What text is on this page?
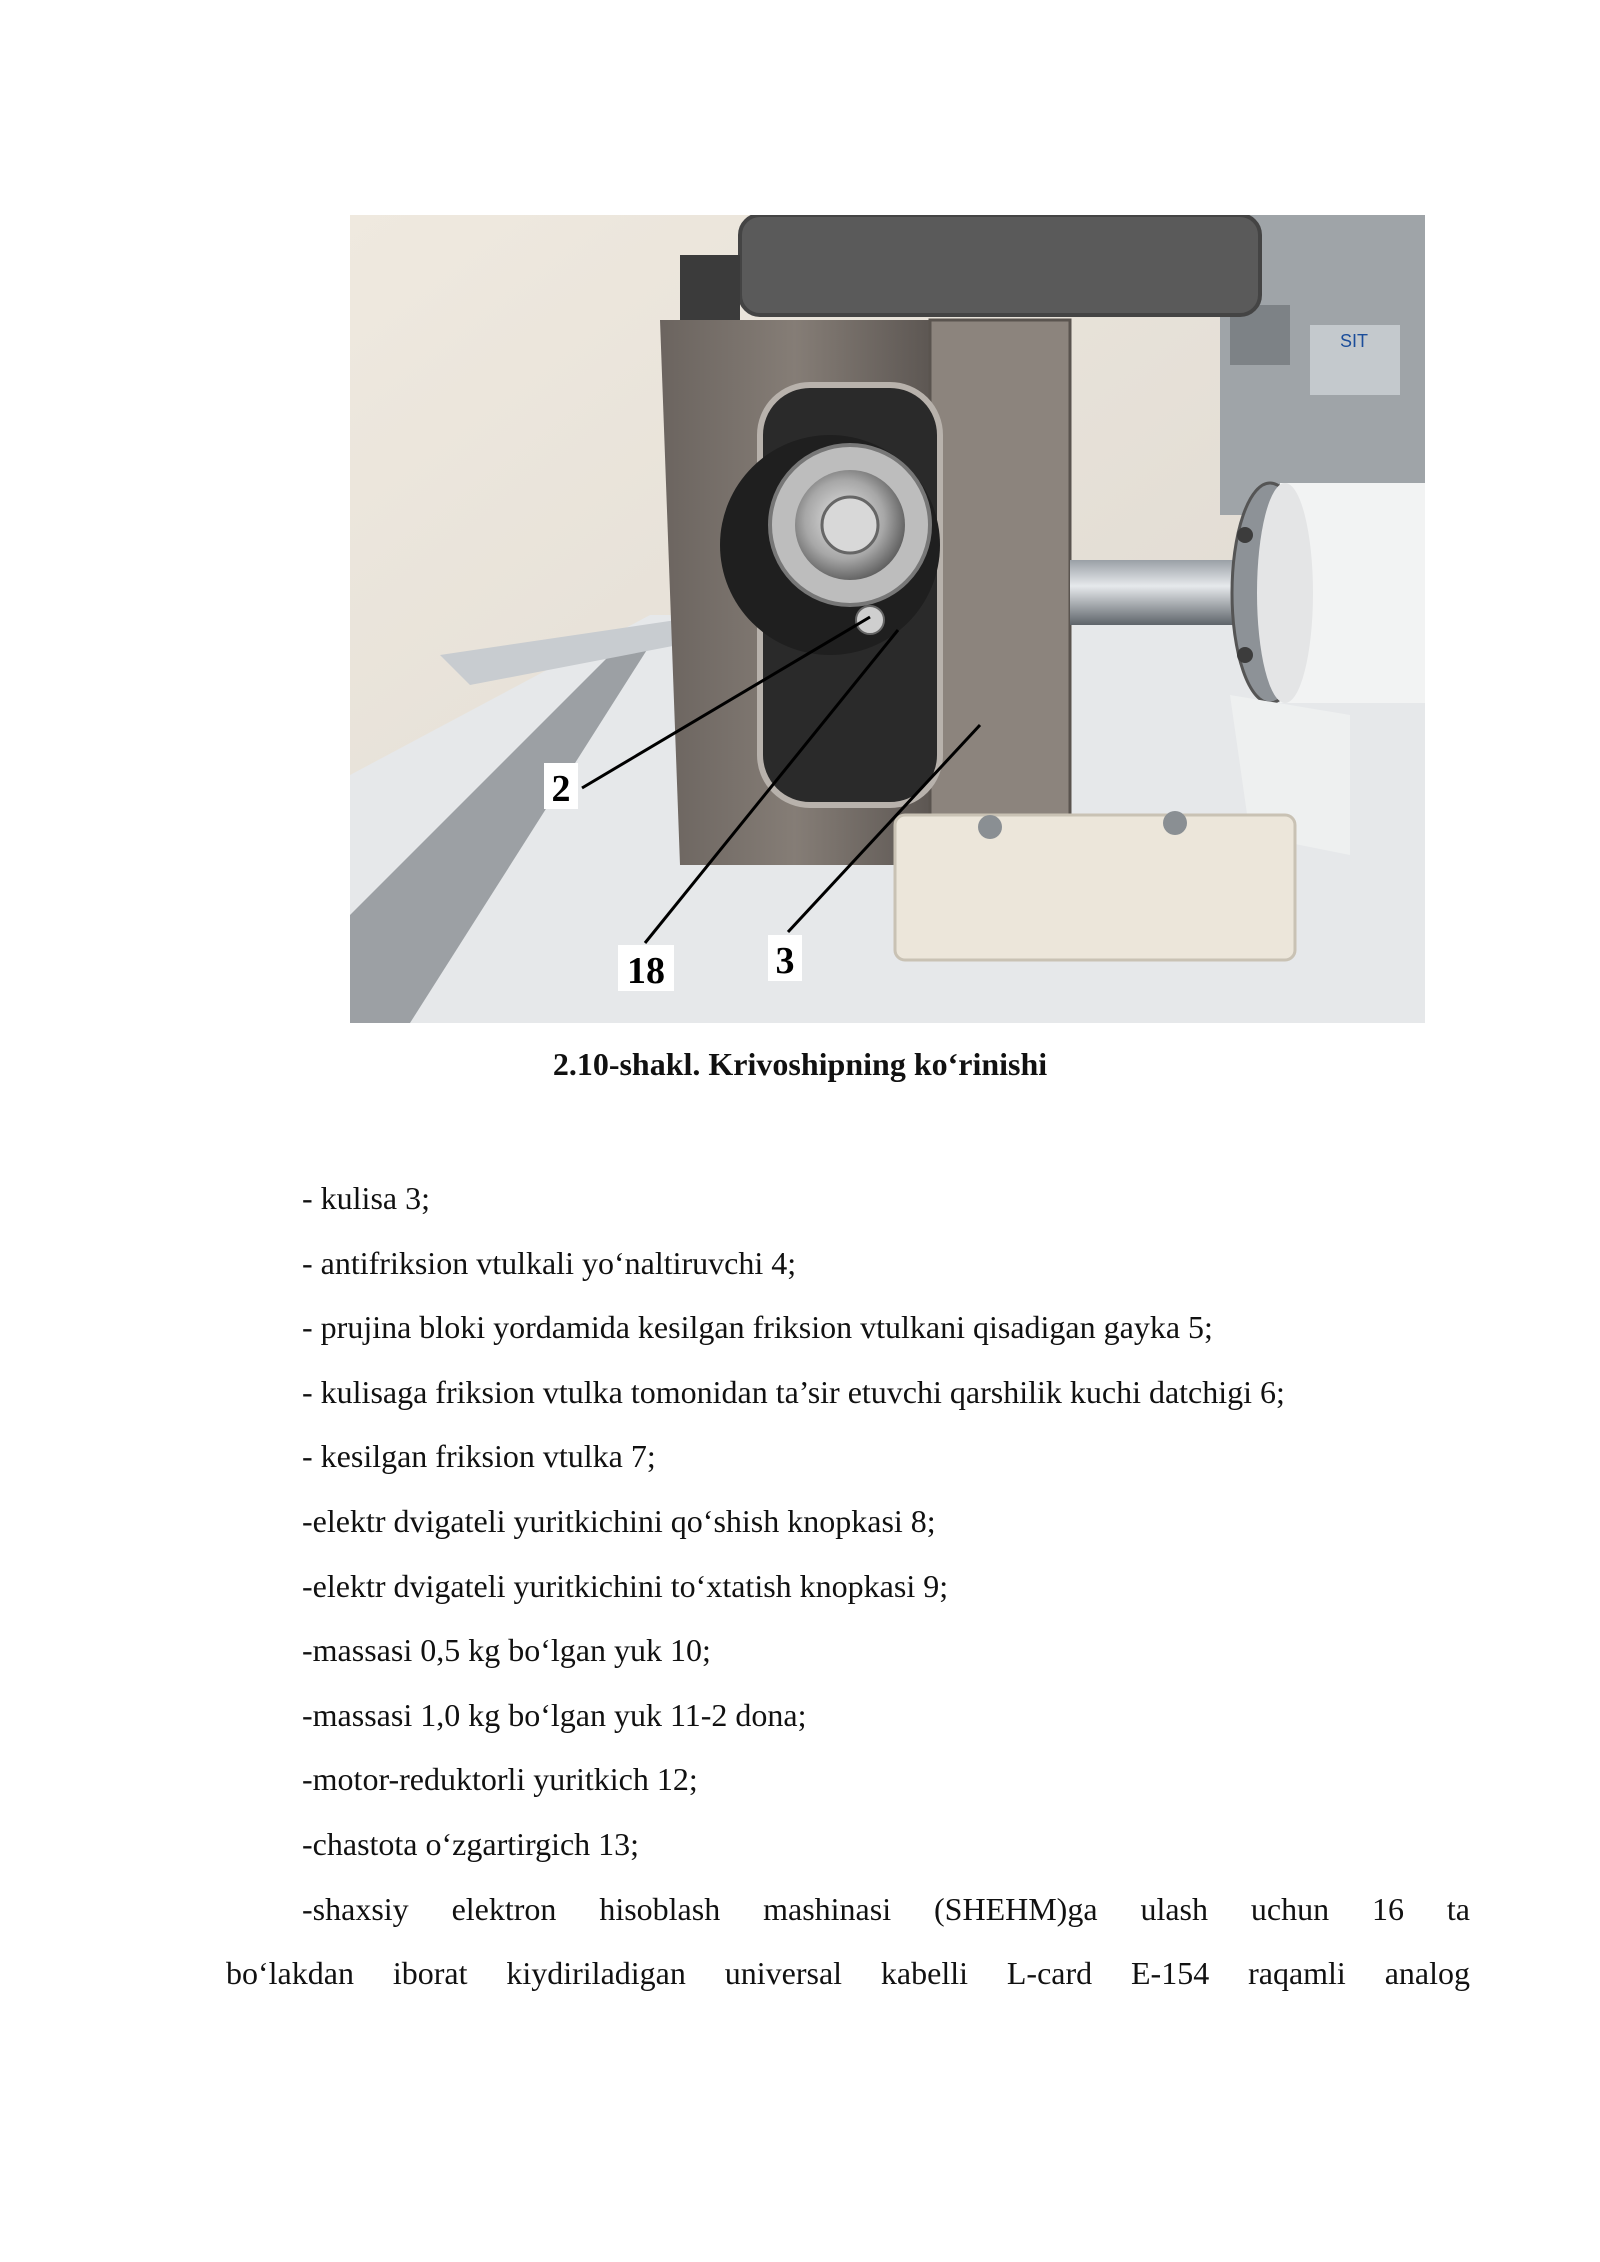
SIT
2
18	3
2.10-shakl. Krivoshipning ko‘rinishi
- kulisa 3;
- antifriksion vtulkali yo‘naltiruvchi 4;
- prujina bloki yordamida kesilgan friksion vtulkani qisadigan gayka 5;
- kulisaga friksion vtulka tomonidan ta’sir etuvchi qarshilik kuchi datchigi 6;
- kesilgan friksion vtulka 7;
-elektr dvigateli yuritkichini qo‘shish knopkasi 8;
-elektr dvigateli yuritkichini to‘xtatish knopkasi 9;
-massasi 0,5 kg bo‘lgan yuk 10;
-massasi 1,0 kg bo‘lgan yuk 11-2 dona;
-motor-reduktorli yuritkich 12;
-chastota o‘zgartirgich 13;
-shaxsiy elektron hisoblash mashinasi (SHEHM)ga ulash uchun 16 ta
bo‘lakdan iborat kiydiriladigan universal kabelli L-card E-154 raqamli analog
